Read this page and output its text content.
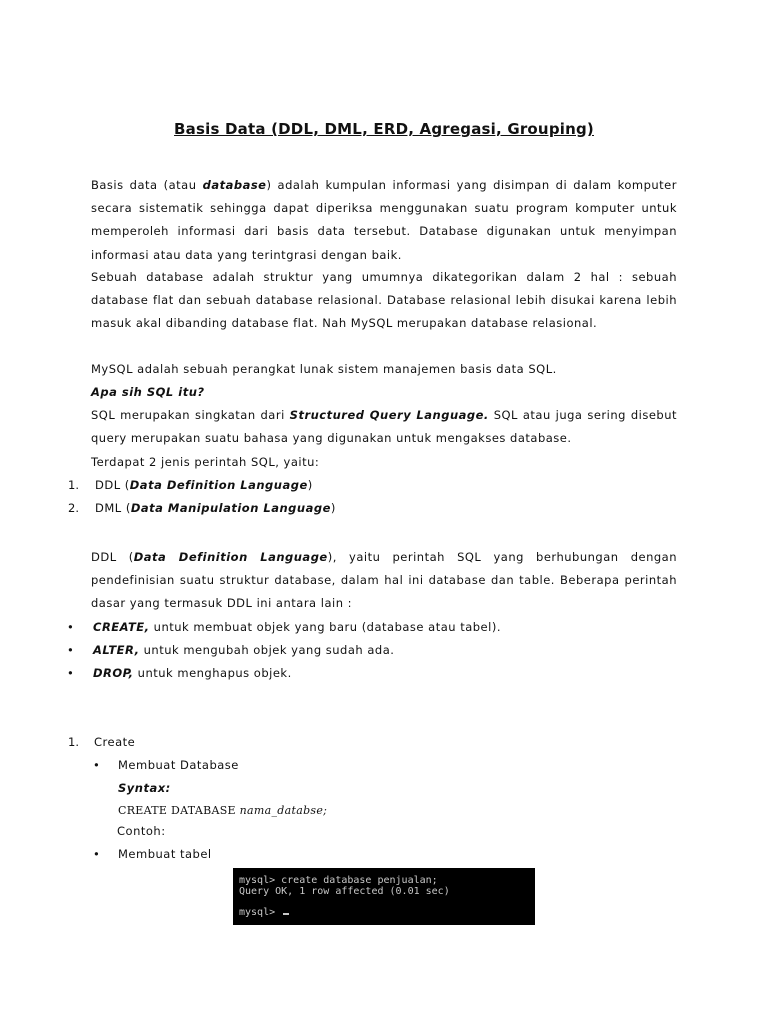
Basis Data (DDL, DML, ERD, Agregasi, Grouping)
Basis data (atau database) adalah kumpulan informasi yang disimpan di dalam komputer secara sistematik sehingga dapat diperiksa menggunakan suatu program komputer untuk memperoleh informasi dari basis data tersebut. Database digunakan untuk menyimpan informasi atau data yang terintgrasi dengan baik.
Sebuah database adalah struktur yang umumnya dikategorikan dalam 2 hal : sebuah database flat dan sebuah database relasional. Database relasional lebih disukai karena lebih masuk akal dibanding database flat. Nah MySQL merupakan database relasional.
MySQL adalah sebuah perangkat lunak sistem manajemen basis data SQL.
Apa sih SQL itu?
SQL merupakan singkatan dari Structured Query Language. SQL atau juga sering disebut query merupakan suatu bahasa yang digunakan untuk mengakses database.
Terdapat 2 jenis perintah SQL, yaitu:
1. DDL (Data Definition Language)
2. DML (Data Manipulation Language)
DDL (Data Definition Language), yaitu perintah SQL yang berhubungan dengan pendefinisian suatu struktur database, dalam hal ini database dan table. Beberapa perintah dasar yang termasuk DDL ini antara lain :
• CREATE, untuk membuat objek yang baru (database atau tabel).
• ALTER, untuk mengubah objek yang sudah ada.
• DROP, untuk menghapus objek.
1. Create
• Membuat Database
Syntax:
CREATE DATABASE nama_databse;
Contoh:
• Membuat tabel
mysql> create database penjualan;
Query OK, 1 row affected (0.01 sec)
mysql>
